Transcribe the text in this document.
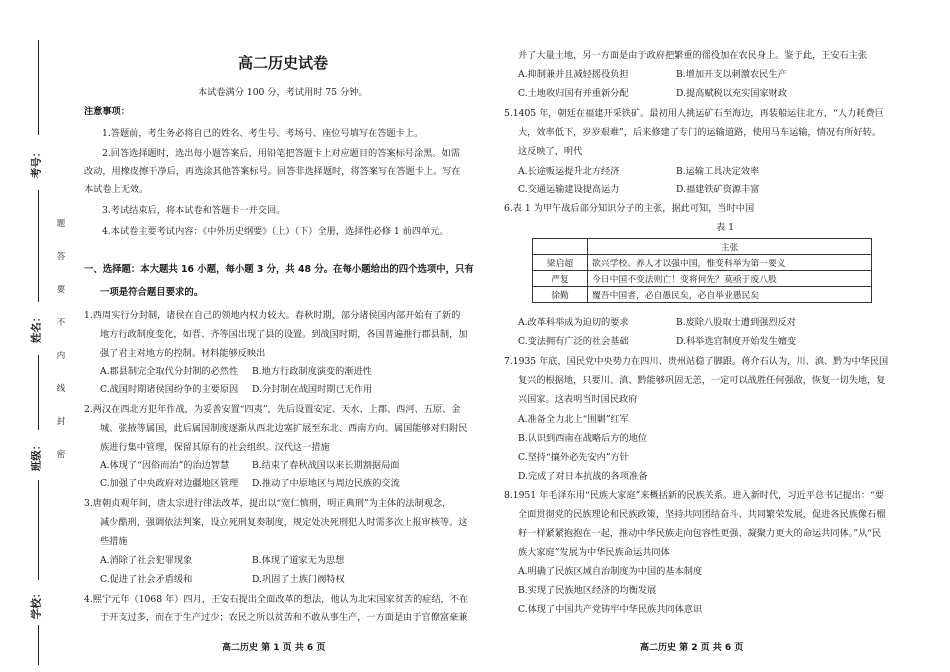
考号：
姓名：
班级：
学校：
密
封
线
内
不
要
答
题
高二历史试卷
本试卷满分 100 分，考试用时 75 分钟。
注意事项：
1.答题前，考生务必将自己的姓名、考生号、考场号、座位号填写在答题卡上。
2.回答选择题时，选出每小题答案后，用铅笔把答题卡上对应题目的答案标号涂黑。如需
改动，用橡皮擦干净后，再选涂其他答案标号。回答非选择题时，将答案写在答题卡上。写在
本试卷上无效。
3.考试结束后，将本试卷和答题卡一并交回。
4.本试卷主要考试内容：《中外历史纲要》（上）（下）全册，选择性必修 1 前四单元。
一、选择题：本大题共 16 小题，每小题 3 分，共 48 分。在每小题给出的四个选项中，只有
一项是符合题目要求的。
1.西周实行分封制，诸侯在自己的领地内权力较大。春秋时期，部分诸侯国内部开始有了新的
地方行政制度变化，如晋、齐等国出现了县的设置。到战国时期，各国普遍推行郡县制，加
强了君主对地方的控制。材料能够反映出
A.郡县制完全取代分封制的必然性 B.地方行政制度演变的渐进性
C.战国时期诸侯国纷争的主要原因 D.分封制在战国时期已无作用
2.两汉在西北方犯年作战，为妥善安置“四夷”，先后设置安定、天水、上郡、西河、五原、金
城、张掖等属国，此后属国制度逐渐从西北边塞扩展至东北、西南方向。属国能够对归附民
族进行集中管理，保留其原有的社会组织。汉代这一措施
A.体现了“因俗而治”的治边智慧 B.结束了春秋战国以来长期割据局面
C.加强了中央政府对边疆地区管理 D.推动了中原地区与周边民族的交流
3.唐朝贞观年间，唐太宗进行律法改革，提出以“宽仁慎刑，明正典刑”为主体的法制观念，
减少酷刑，强调依法判案，设立死刑复奏制度，规定处决死刑犯人时需多次上报审核等。这
些措施
A.消除了社会犯罪现象	B.体现了道家无为思想
C.促进了社会矛盾缓和	D.巩固了土族门阀特权
4.熙宁元年（1068 年）四月，王安石提出全面改革的想法，他认为北宋国家贫苦的症结，不在
于开支过多，而在于生产过少；农民之所以贫苦和不敢从事生产，一方面是由于官僚富豪兼
高二历史 第 1 页 共 6 页
并了大量土地，另一方面是由于政府把繁重的徭役加在农民身上。鉴于此，王安石主张
A.抑制兼并且减轻摇役负担	B.增加开支以刺激农民生产
C.土地收归国有并重新分配	D.提高赋税以充实国家财政
5.1405 年，朝廷在福建开采铁矿。最初用人挑运矿石至海边，再装船运往北方，“人力耗费巨
大，效率低下，岁岁艰难”，后来修建了专门的运输道路，使用马车运输，情况有所好转。
这反映了，明代
A.长途贩运提升北方经济	B.运输工具决定效率
C.交通运输建设提高运力	D.福建铁矿资源丰富
6.表 1 为甲午战后部分知识分子的主张，据此可知，当时中国
表 1
	主张
梁启超	欲兴学校、养人才以强中国，惟变科举为第一要义
严复	今日中国不变法则亡！变将何先？莫亟于废八股
徐勤	覆吾中国者，必自愚民矣，必自举业愚民矣
A.改革科举成为迫切的要求	B.废除八股取士遭到强烈反对
C.变法拥有广泛的社会基础	D.科举选官制度开始发生嬗变
7.1935 年底，国民党中央势力在四川、贵州站稳了脚跟。蒋介石认为，川、滇、黔为中华民国
复兴的根据地，只要川、滇、黔能够巩固无恙，一定可以战胜任何强敌，恢复一切失地，复
兴国家。这表明当时国民政府
A.准备全力北上“围剿”红军
B.认识到西南在战略后方的地位
C.坚持“攘外必先安内”方针
D.完成了对日本抗战的各项准备
8.1951 年毛泽东用“民族大家庭”来概括新的民族关系。进入新时代，习近平总书记提出：“要
全面贯彻党的民族理论和民族政策，坚持共同团结奋斗、共同繁荣发展，促进各民族像石榴
籽一样紧紧抱抱在一起，推动中华民族走向包容性更强、凝聚力更大的命运共同体。”从“民
族大家庭”发展为中华民族命运共同体
A.明确了民族区域自治制度为中国的基本制度
B.实现了民族地区经济的均衡发展
C.体现了中国共产党铸牢中华民族共同体意识
高二历史 第 2 页 共 6 页
